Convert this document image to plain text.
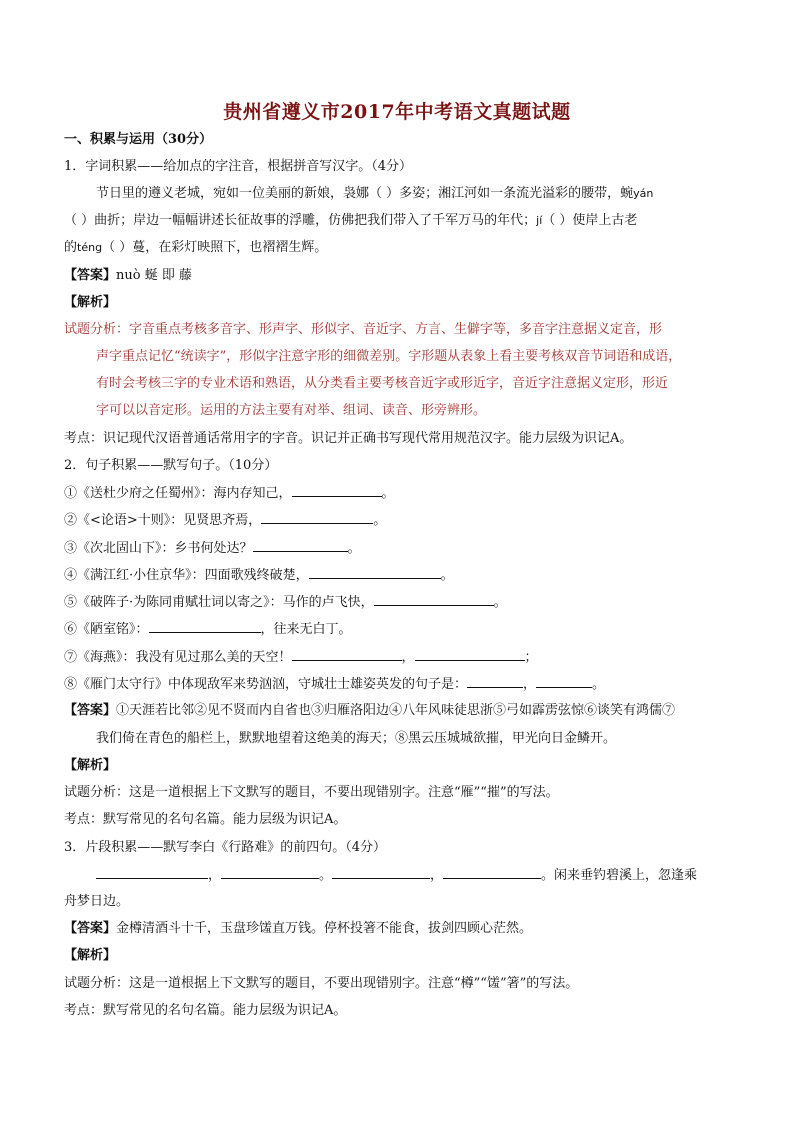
贵州省遵义市2017年中考语文真题试题
一、积累与运用（30分）
1．字词积累——给加点的字注音，根据拼音写汉字。（4分）
节日里的遵义老城，宛如一位美丽的新娘，袅娜（ ）多姿；湘江河如一条流光溢彩的腰带，蜿yán
（ ）曲折；岸边一幅幅讲述长征故事的浮雕，仿佛把我们带入了千军万马的年代；jí（ ）使岸上古老
的téng（ ）蔓，在彩灯映照下，也褶褶生辉。
【答案】nuò 蜒 即 藤
【解析】
试题分析：字音重点考核多音字、形声字、形似字、音近字、方言、生僻字等，多音字注意据义定音，形
声字重点记忆“统读字”，形似字注意字形的细微差别。字形题从表象上看主要考核双音节词语和成语，
有时会考核三字的专业术语和熟语，从分类看主要考核音近字或形近字，音近字注意据义定形，形近
字可以以音定形。运用的方法主要有对举、组词、读音、形旁辨形。
考点：识记现代汉语普通话常用字的字音。识记并正确书写现代常用规范汉字。能力层级为识记A。
2．句子积累——默写句子。（10分）
①《送杜少府之任蜀州》：海内存知己，	。
②《<论语>十则》：见贤思齐焉，	。
③《次北固山下》：乡书何处达？	。
④《满江红·小住京华》：四面歌残终破楚，	。
⑤《破阵子·为陈同甫赋壮词以寄之》：马作的卢飞快，	。
⑥《陋室铭》：	，往来无白丁。
⑦《海燕》：我没有见过那么美的天空！	，	；
⑧《雁门太守行》中体现敌军来势汹汹，守城壮士雄姿英发的句子是：	，	。
【答案】①天涯若比邻②见不贤而内自省也③归雁洛阳边④八年风味徒思浙⑤弓如霹雳弦惊⑥谈笑有鸿儒⑦
我们倚在青色的船栏上，默默地望着这绝美的海天；⑧黑云压城城欲摧，甲光向日金鳞开。
【解析】
试题分析：这是一道根据上下文默写的题目，不要出现错别字。注意“雁”“摧”的写法。
考点：默写常见的名句名篇。能力层级为识记A。
3．片段积累——默写李白《行路难》的前四句。（4分）
，	。	，	。闲来垂钓碧溪上，忽逢乘
舟梦日边。
【答案】金樽清酒斗十千，玉盘珍馐直万钱。停杯投箸不能食，拔剑四顾心茫然。
【解析】
试题分析：这是一道根据上下文默写的题目，不要出现错别字。注意“樽”“馐”箸”的写法。
考点：默写常见的名句名篇。能力层级为识记A。
